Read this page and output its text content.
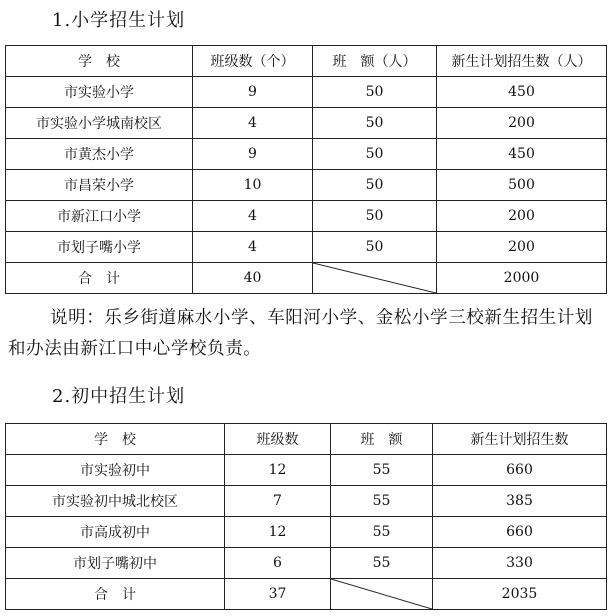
1.小学招生计划
学　校	班级数（个）	班　额（人）	新生计划招生数（人）
市实验小学	9	50	450
市实验小学城南校区	4	50	200
市黄杰小学	9	50	450
市昌荣小学	10	50	500
市新江口小学	4	50	200
市划子嘴小学	4	50	200
合　计	40		2000
说明：乐乡街道麻水小学、车阳河小学、金松小学三校新生招生计划和办法由新江口中心学校负责。
2.初中招生计划
学　校	班级数	班　额	新生计划招生数
市实验初中	12	55	660
市实验初中城北校区	7	55	385
市高成初中	12	55	660
市划子嘴初中	6	55	330
合　计	37		2035
